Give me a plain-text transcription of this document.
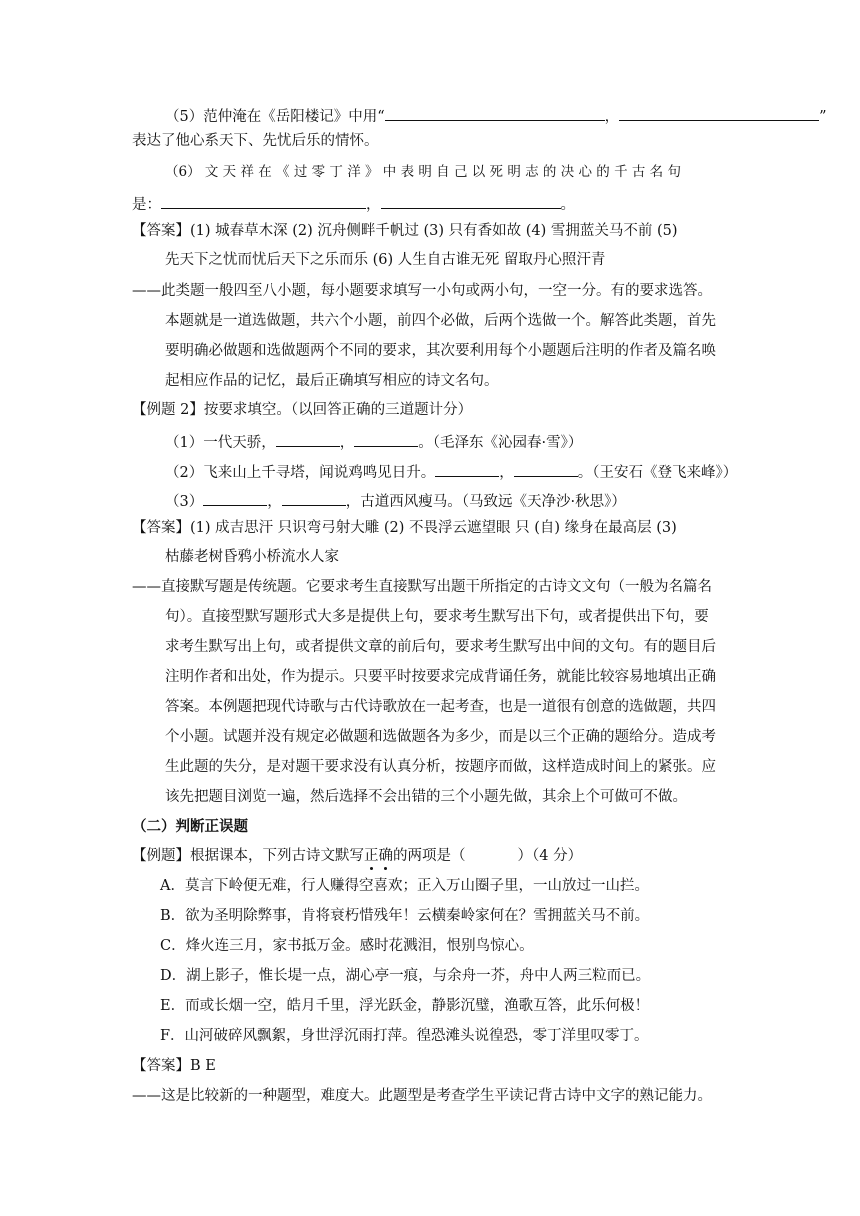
（5）范仲淹在《岳阳楼记》中用“	，	”
表达了他心系天下、先忧后乐的情怀。
（6） 文 天 祥 在 《 过 零 丁 洋 》 中 表 明 自 己 以 死 明 志 的 决 心 的 千 古 名 句
是：	，	。
【答案】(1) 城春草木深 (2) 沉舟侧畔千帆过 (3) 只有香如故 (4) 雪拥蓝关马不前 (5)
先天下之忧而忧后天下之乐而乐 (6) 人生自古谁无死 留取丹心照汗青
——此类题一般四至八小题，每小题要求填写一小句或两小句，一空一分。有的要求选答。
本题就是一道选做题，共六个小题，前四个必做，后两个选做一个。解答此类题，首先
要明确必做题和选做题两个不同的要求，其次要利用每个小题题后注明的作者及篇名唤
起相应作品的记忆，最后正确填写相应的诗文名句。
【例题 2】按要求填空。（以回答正确的三道题计分）
（1）一代天骄，	，	。（毛泽东《沁园春·雪》）
（2）飞来山上千寻塔，闻说鸡鸣见日升。	，	。（王安石《登飞来峰》）
（3）	，	，古道西风瘦马。（马致远《天净沙·秋思》）
【答案】(1) 成吉思汗 只识弯弓射大雕 (2) 不畏浮云遮望眼 只 (自) 缘身在最高层 (3)
枯藤老树昏鸦小桥流水人家
——直接默写题是传统题。它要求考生直接默写出题干所指定的古诗文文句（一般为名篇名
句）。直接型默写题形式大多是提供上句，要求考生默写出下句，或者提供出下句，要
求考生默写出上句，或者提供文章的前后句，要求考生默写出中间的文句。有的题目后
注明作者和出处，作为提示。只要平时按要求完成背诵任务，就能比较容易地填出正确
答案。本例题把现代诗歌与古代诗歌放在一起考查，也是一道很有创意的选做题，共四
个小题。试题并没有规定必做题和选做题各为多少，而是以三个正确的题给分。造成考
生此题的失分，是对题干要求没有认真分析，按题序而做，这样造成时间上的紧张。应
该先把题目浏览一遍，然后选择不会出错的三个小题先做，其余上个可做可不做。
（二）判断正误题
【例题】根据课本，下列古诗文默写正确的两项是（	）（4 分）
A．莫言下岭便无难，行人赚得空喜欢；正入万山圈子里，一山放过一山拦。
B．欲为圣明除弊事，肯将衰朽惜残年！云横秦岭家何在？雪拥蓝关马不前。
C．烽火连三月，家书抵万金。感时花溅泪，恨别鸟惊心。
D．湖上影子，惟长堤一点，湖心亭一痕，与余舟一芥，舟中人两三粒而已。
E．而或长烟一空，皓月千里，浮光跃金，静影沉璧，渔歌互答，此乐何极！
F．山河破碎风飘絮，身世浮沉雨打萍。徨恐滩头说徨恐，零丁洋里叹零丁。
【答案】B E
——这是比较新的一种题型，难度大。此题型是考查学生平读记背古诗中文字的熟记能力。
